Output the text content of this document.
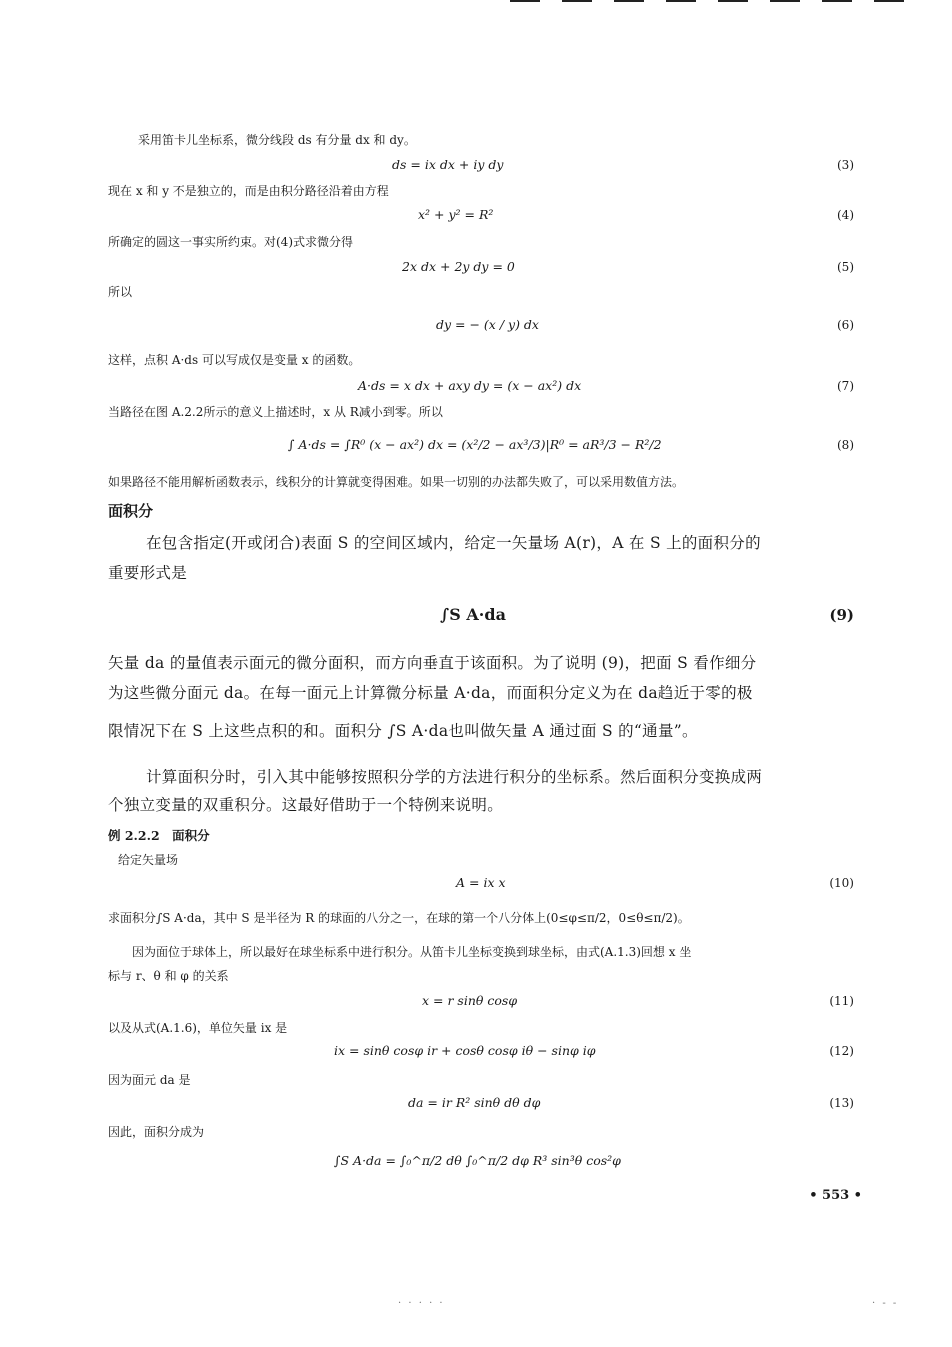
采用笛卡儿坐标系，微分线段 ds 有分量 dx 和 dy。
ds = ix dx + iy dy	(3)
现在 x 和 y 不是独立的，而是由积分路径沿着由方程
x² + y² = R²	(4)
所确定的圆这一事实所约束。对(4)式求微分得
2x dx + 2y dy = 0	(5)
所以
dy = − (x / y) dx	(6)
这样，点积 A·ds 可以写成仅是变量 x 的函数。
A·ds = x dx + axy dy = (x − ax²) dx	(7)
当路径在图 A.2.2所示的意义上描述时，x 从 R减小到零。所以
∫ A·ds = ∫R⁰ (x − ax²) dx = (x²/2 − ax³/3)|R⁰ = aR³/3 − R²/2	(8)
如果路径不能用解析函数表示，线积分的计算就变得困难。如果一切别的办法都失败了，可以采用数值方法。
面积分
在包含指定(开或闭合)表面 S 的空间区域内，给定一矢量场 A(r)，A 在 S 上的面积分的
重要形式是
∫S A·da	(9)
矢量 da 的量值表示面元的微分面积，而方向垂直于该面积。为了说明 (9)，把面 S 看作细分
为这些微分面元 da。在每一面元上计算微分标量 A·da，而面积分定义为在 da趋近于零的极
限情况下在 S 上这些点积的和。面积分 ∫S A·da也叫做矢量 A 通过面 S 的“通量”。
计算面积分时，引入其中能够按照积分学的方法进行积分的坐标系。然后面积分变换成两
个独立变量的双重积分。这最好借助于一个特例来说明。
例 2.2.2　面积分
给定矢量场
A = ix x	(10)
求面积分∫S A·da，其中 S 是半径为 R 的球面的八分之一，在球的第一个八分体上(0≤φ≤π/2，0≤θ≤π/2)。
因为面位于球体上，所以最好在球坐标系中进行积分。从笛卡儿坐标变换到球坐标，由式(A.1.3)回想 x 坐
标与 r、θ 和 φ 的关系
x = r sinθ cosφ	(11)
以及从式(A.1.6)，单位矢量 ix 是
ix = sinθ cosφ ir + cosθ cosφ iθ − sinφ iφ	(12)
因为面元 da 是
da = ir R² sinθ dθ dφ	(13)
因此，面积分成为
∫S A·da = ∫₀^π/2 dθ ∫₀^π/2 dφ R³ sin³θ cos²φ
• 553 •
· · · · ·	· - -
